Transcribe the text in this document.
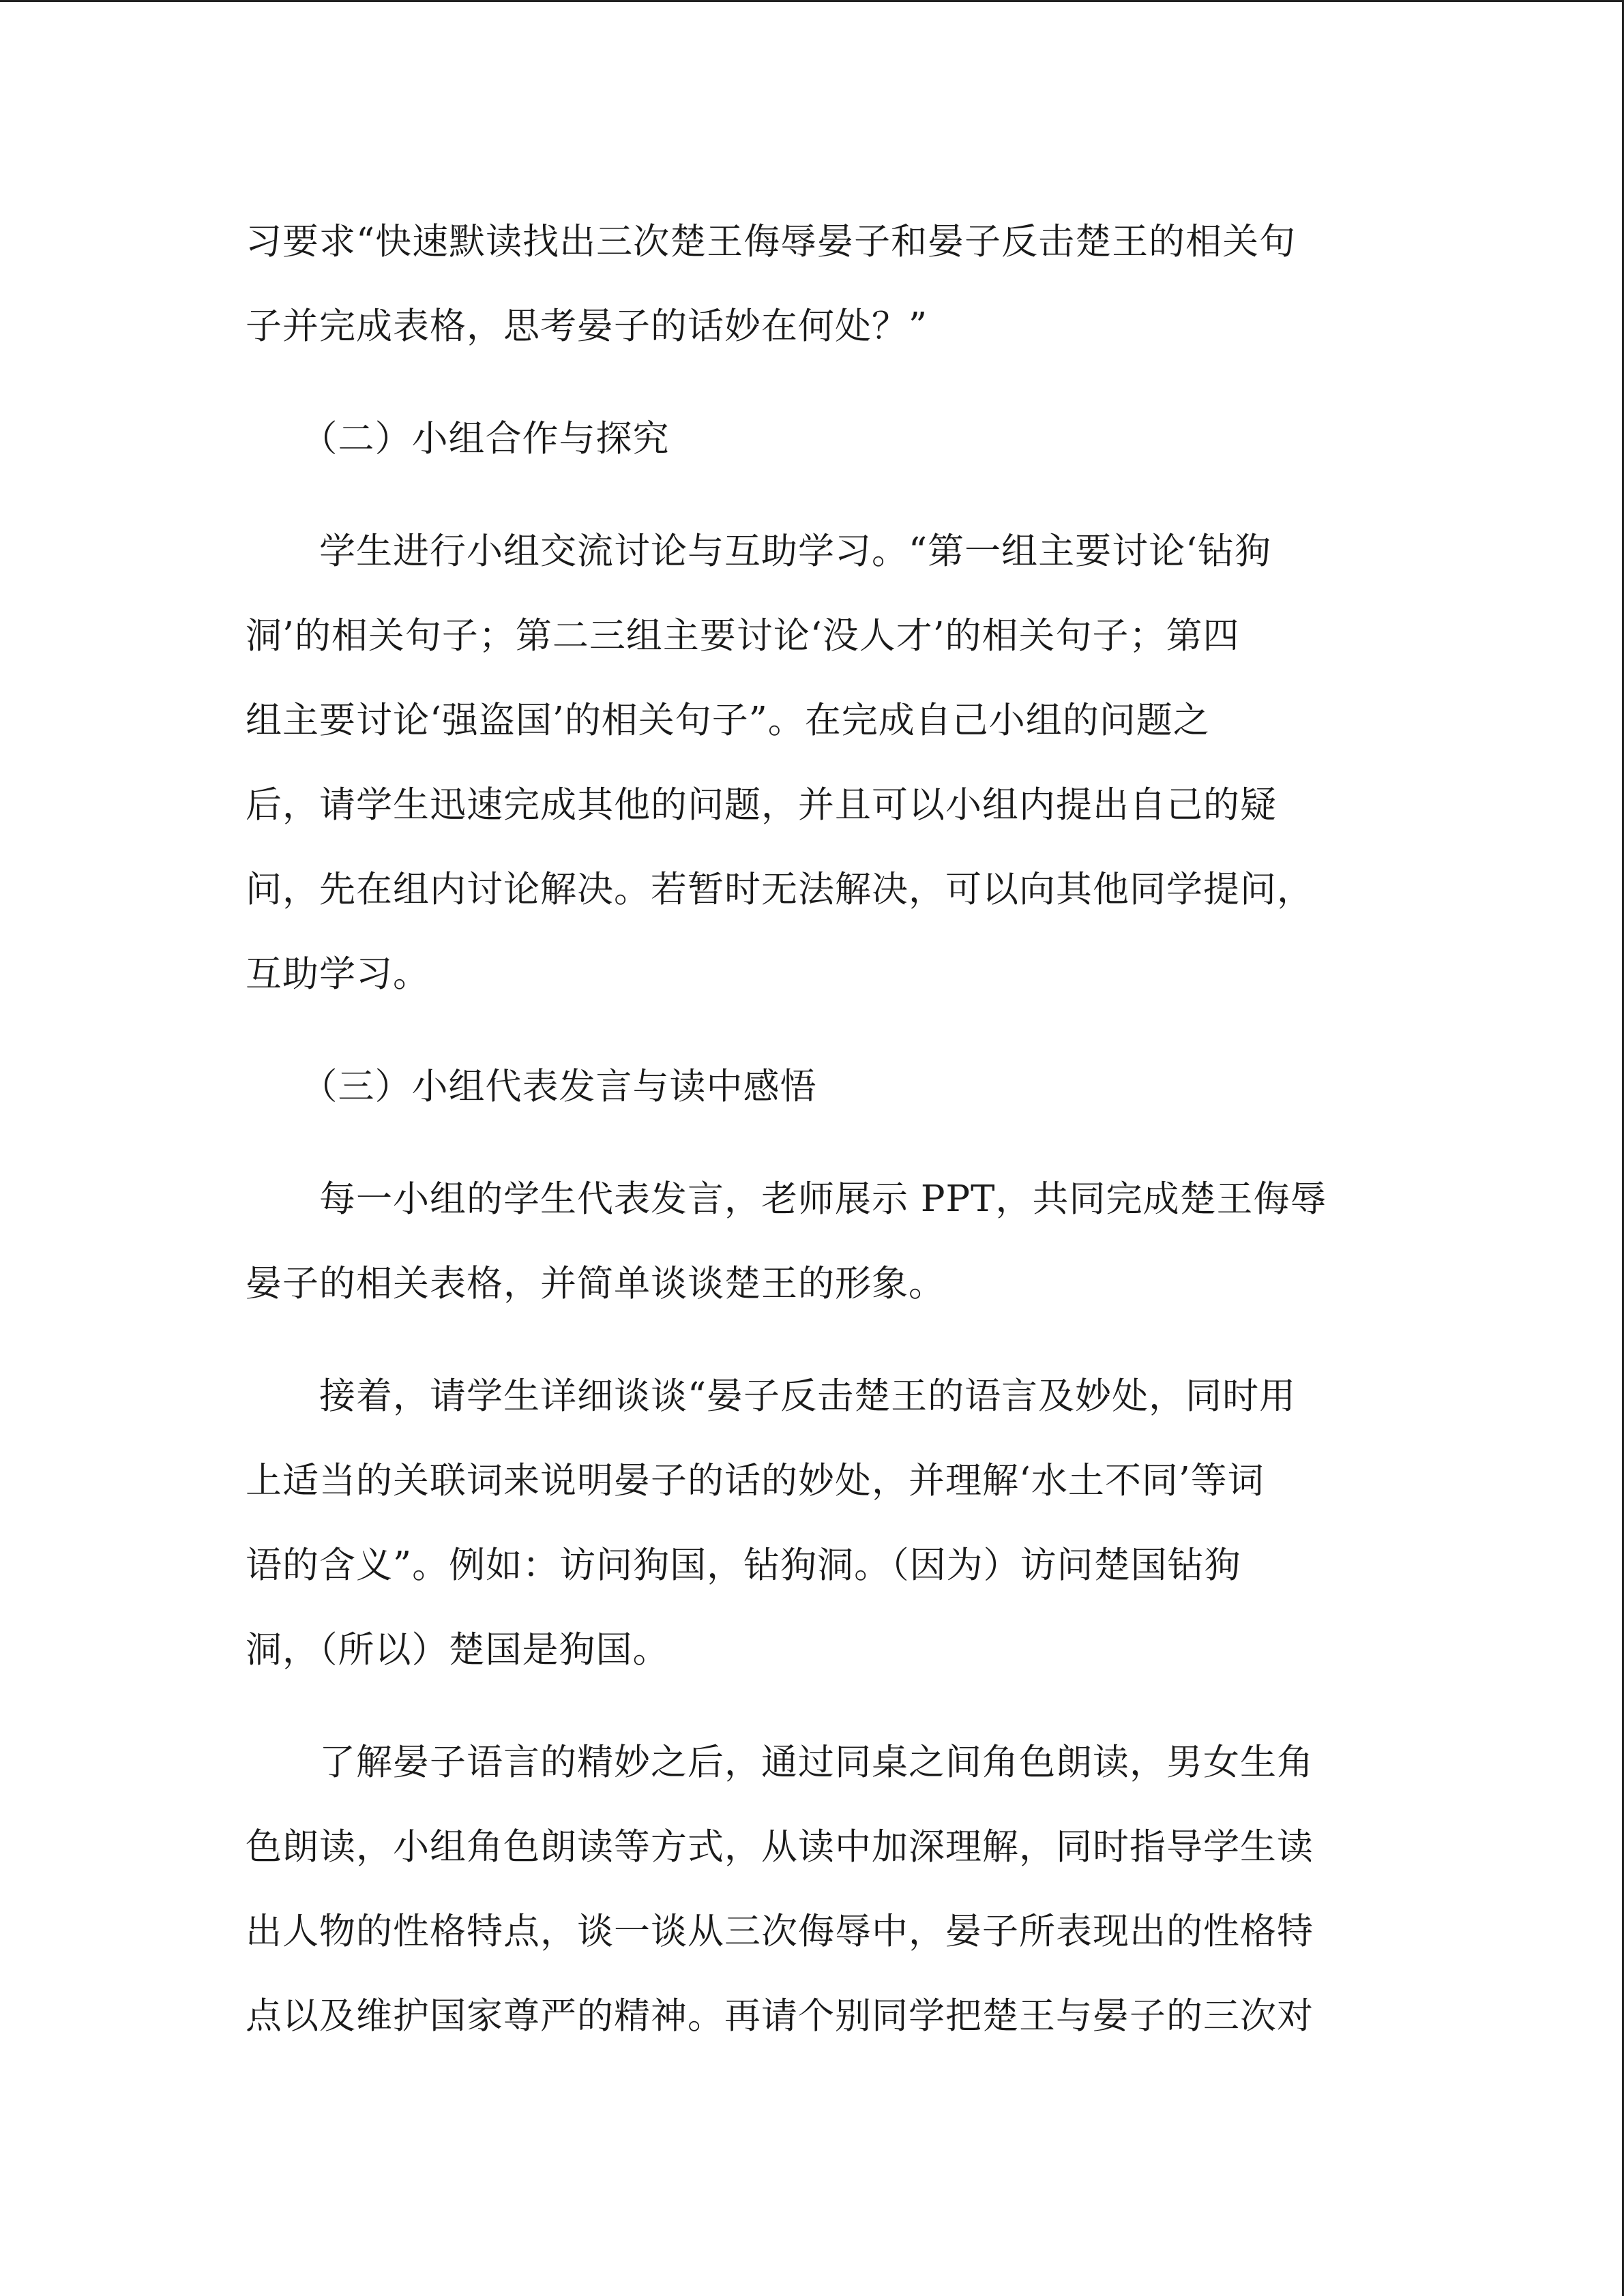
习要求“快速默读找出三次楚王侮辱晏子和晏子反击楚王的相关句
子并完成表格，思考晏子的话妙在何处？”

　　（二）小组合作与探究

　　学生进行小组交流讨论与互助学习。“第一组主要讨论‘钻狗
洞’的相关句子；第二三组主要讨论‘没人才’的相关句子；第四
组主要讨论‘强盗国’的相关句子”。在完成自己小组的问题之
后，请学生迅速完成其他的问题，并且可以小组内提出自己的疑
问，先在组内讨论解决。若暂时无法解决，可以向其他同学提问，
互助学习。

　　（三）小组代表发言与读中感悟

　　每一小组的学生代表发言，老师展示 PPT，共同完成楚王侮辱
晏子的相关表格，并简单谈谈楚王的形象。

　　接着，请学生详细谈谈“晏子反击楚王的语言及妙处，同时用
上适当的关联词来说明晏子的话的妙处，并理解‘水土不同’等词
语的含义”。例如：访问狗国，钻狗洞。（因为）访问楚国钻狗
洞，（所以）楚国是狗国。

　　了解晏子语言的精妙之后，通过同桌之间角色朗读，男女生角
色朗读，小组角色朗读等方式，从读中加深理解，同时指导学生读
出人物的性格特点，谈一谈从三次侮辱中，晏子所表现出的性格特
点以及维护国家尊严的精神。再请个别同学把楚王与晏子的三次对
